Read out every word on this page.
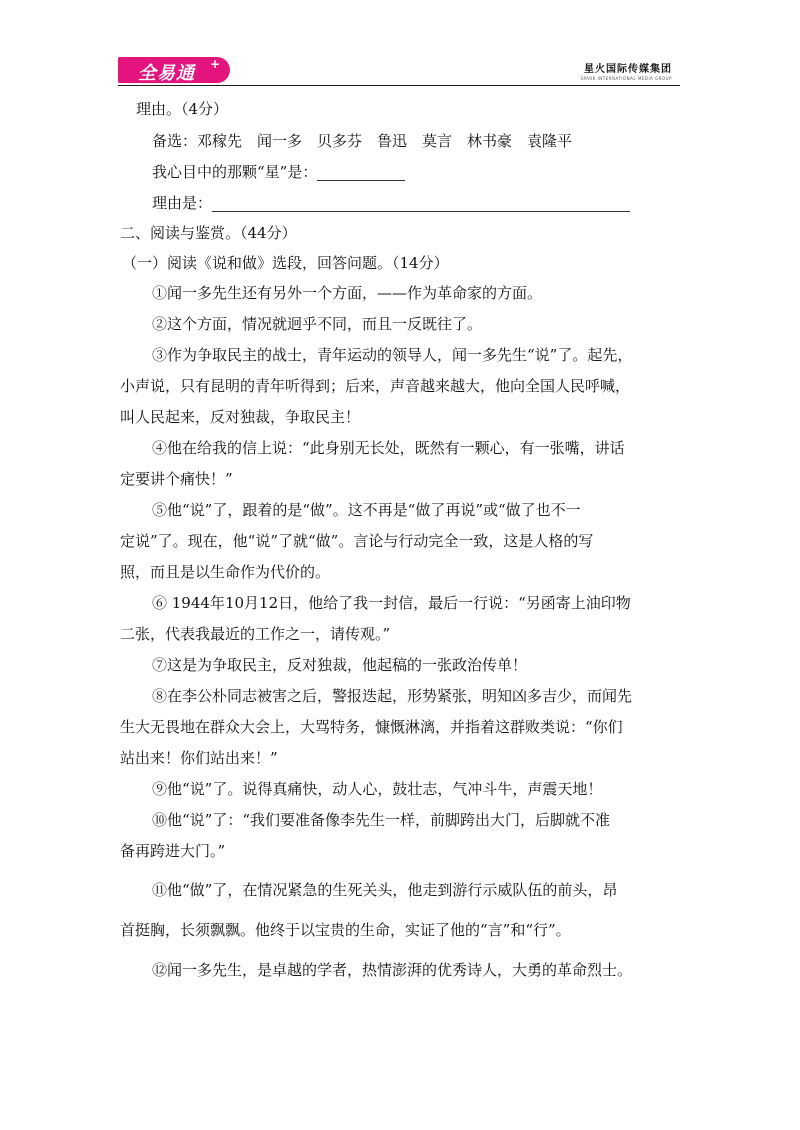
全易通 +	星火国际传媒集团
SPARK INTERNATIONAL MEDIA GROUP
理由。（4分）
备选：邓稼先　闻一多　贝多芬　鲁迅　莫言　林书豪　袁隆平
我心目中的那颗“星”是：
理由是：
二、阅读与鉴赏。（44分）
（一）阅读《说和做》选段，回答问题。（14分）
①闻一多先生还有另外一个方面，——作为革命家的方面。
②这个方面，情况就迥乎不同，而且一反既往了。
③作为争取民主的战士，青年运动的领导人，闻一多先生“说”了。起先，
小声说，只有昆明的青年听得到；后来，声音越来越大，他向全国人民呼喊，
叫人民起来，反对独裁，争取民主！
④他在给我的信上说：“此身别无长处，既然有一颗心，有一张嘴，讲话
定要讲个痛快！”
⑤他“说”了，跟着的是“做”。这不再是“做了再说”或“做了也不一
定说”了。现在，他“说”了就“做”。言论与行动完全一致，这是人格的写
照，而且是以生命作为代价的。
⑥ 1944年10月12日，他给了我一封信，最后一行说：“另函寄上油印物
二张，代表我最近的工作之一，请传观。”
⑦这是为争取民主，反对独裁，他起稿的一张政治传单！
⑧在李公朴同志被害之后，警报迭起，形势紧张，明知凶多吉少，而闻先
生大无畏地在群众大会上，大骂特务，慷慨淋漓，并指着这群败类说：“你们
站出来！你们站出来！”
⑨他“说”了。说得真痛快，动人心，鼓壮志，气冲斗牛，声震天地！
⑩他“说”了：“我们要准备像李先生一样，前脚跨出大门，后脚就不准
备再跨进大门。”
⑪他“做”了，在情况紧急的生死关头，他走到游行示威队伍的前头，昂
首挺胸，长须飘飘。他终于以宝贵的生命，实证了他的“言”和“行”。
⑫闻一多先生，是卓越的学者，热情澎湃的优秀诗人，大勇的革命烈士。
